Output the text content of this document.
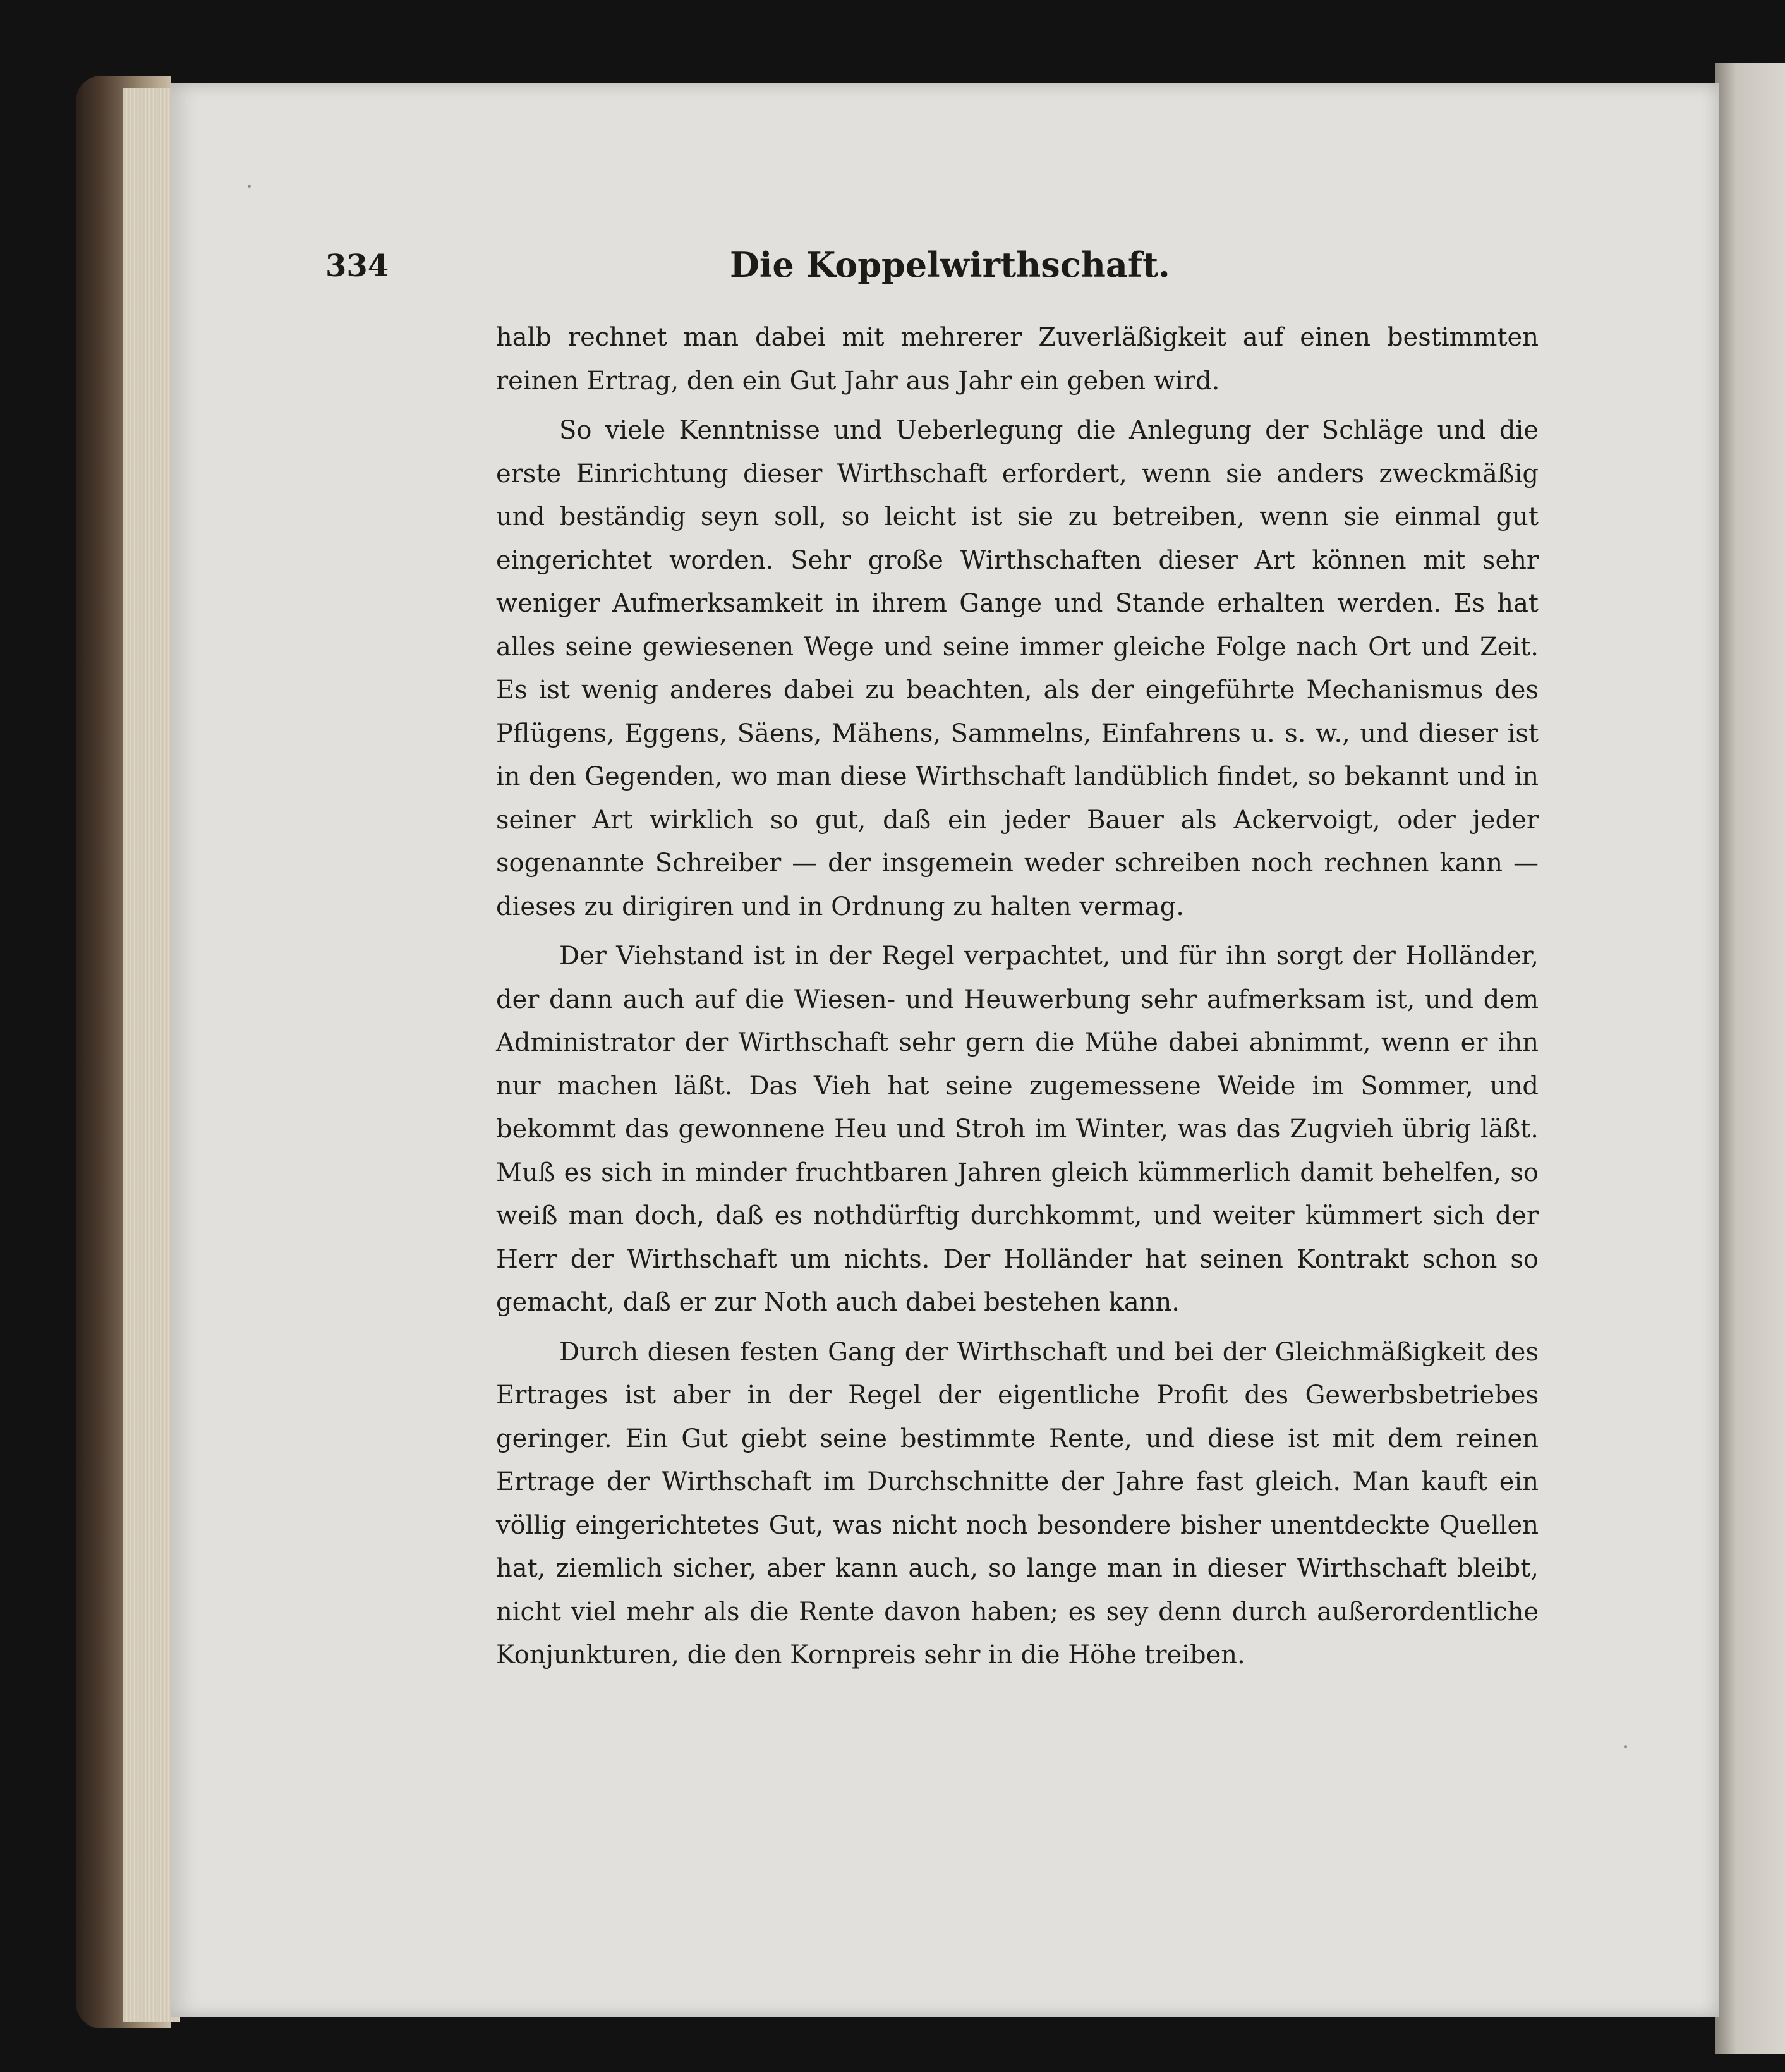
334	Die Koppelwirthschaft.

halb rechnet man dabei mit mehrerer Zuverläßigkeit auf einen bestimmten reinen Ertrag, den ein Gut Jahr aus Jahr ein geben wird.

So viele Kenntnisse und Ueberlegung die Anlegung der Schläge und die erste Einrichtung dieser Wirthschaft erfordert, wenn sie anders zweckmäßig und beständig seyn soll, so leicht ist sie zu betreiben, wenn sie einmal gut eingerichtet worden. Sehr große Wirthschaften dieser Art können mit sehr weniger Aufmerksamkeit in ihrem Gange und Stande erhalten werden. Es hat alles seine gewiesenen Wege und seine immer gleiche Folge nach Ort und Zeit. Es ist wenig anderes dabei zu beachten, als der eingeführte Mechanismus des Pflügens, Eggens, Säens, Mähens, Sammelns, Einfahrens u. s. w., und dieser ist in den Gegenden, wo man diese Wirthschaft landüblich findet, so bekannt und in seiner Art wirklich so gut, daß ein jeder Bauer als Ackervoigt, oder jeder sogenannte Schreiber — der insgemein weder schreiben noch rechnen kann — dieses zu dirigiren und in Ordnung zu halten vermag.

Der Viehstand ist in der Regel verpachtet, und für ihn sorgt der Holländer, der dann auch auf die Wiesen- und Heuwerbung sehr aufmerksam ist, und dem Administrator der Wirthschaft sehr gern die Mühe dabei abnimmt, wenn er ihn nur machen läßt. Das Vieh hat seine zugemessene Weide im Sommer, und bekommt das gewonnene Heu und Stroh im Winter, was das Zugvieh übrig läßt. Muß es sich in minder fruchtbaren Jahren gleich kümmerlich damit behelfen, so weiß man doch, daß es nothdürftig durchkommt, und weiter kümmert sich der Herr der Wirthschaft um nichts. Der Holländer hat seinen Kontrakt schon so gemacht, daß er zur Noth auch dabei bestehen kann.

Durch diesen festen Gang der Wirthschaft und bei der Gleichmäßigkeit des Ertrages ist aber in der Regel der eigentliche Profit des Gewerbsbetriebes geringer. Ein Gut giebt seine bestimmte Rente, und diese ist mit dem reinen Ertrage der Wirthschaft im Durchschnitte der Jahre fast gleich. Man kauft ein völlig eingerichtetes Gut, was nicht noch besondere bisher unentdeckte Quellen hat, ziemlich sicher, aber kann auch, so lange man in dieser Wirthschaft bleibt, nicht viel mehr als die Rente davon haben; es sey denn durch außerordentliche Konjunkturen, die den Kornpreis sehr in die Höhe treiben.
